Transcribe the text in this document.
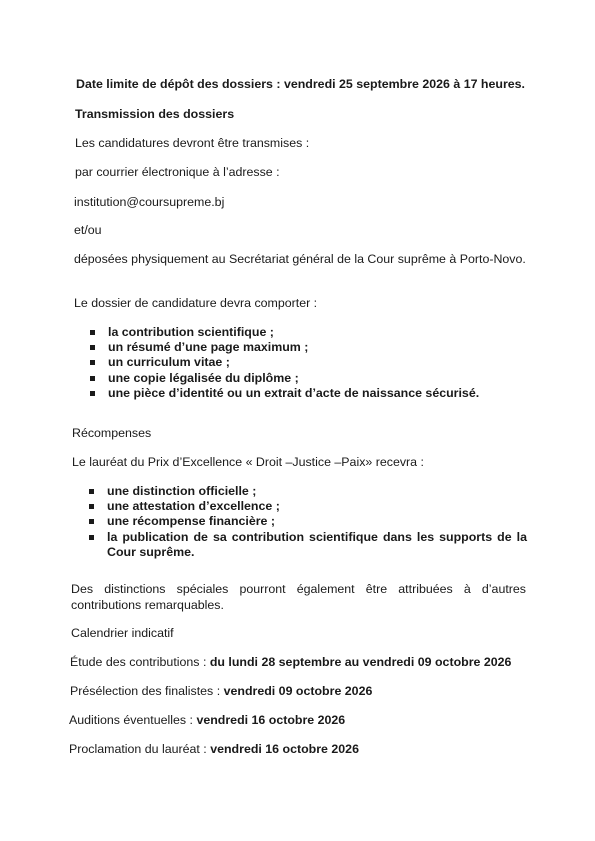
Date limite de dépôt des dossiers : vendredi 25 septembre 2026 à 17 heures.
Transmission des dossiers
Les candidatures devront être transmises :
par courrier électronique à l’adresse :
institution@coursupreme.bj
et/ou
déposées physiquement au Secrétariat général de la Cour suprême à Porto-Novo.
Le dossier de candidature devra comporter :
la contribution scientifique ;
un résumé d’une page maximum ;
un curriculum vitae ;
une copie légalisée du diplôme ;
une pièce d’identité ou un extrait d’acte de naissance sécurisé.
Récompenses
Le lauréat du Prix d’Excellence « Droit –Justice –Paix» recevra :
une distinction officielle ;
une attestation d’excellence ;
une récompense financière ;
la publication de sa contribution scientifique dans les supports de la Cour suprême.
Des distinctions spéciales pourront également être attribuées à d’autres contributions remarquables.
Calendrier indicatif
Étude des contributions : du lundi 28 septembre au vendredi 09 octobre 2026
Présélection des finalistes : vendredi 09 octobre 2026
Auditions éventuelles : vendredi 16 octobre 2026
Proclamation du lauréat : vendredi 16 octobre 2026
